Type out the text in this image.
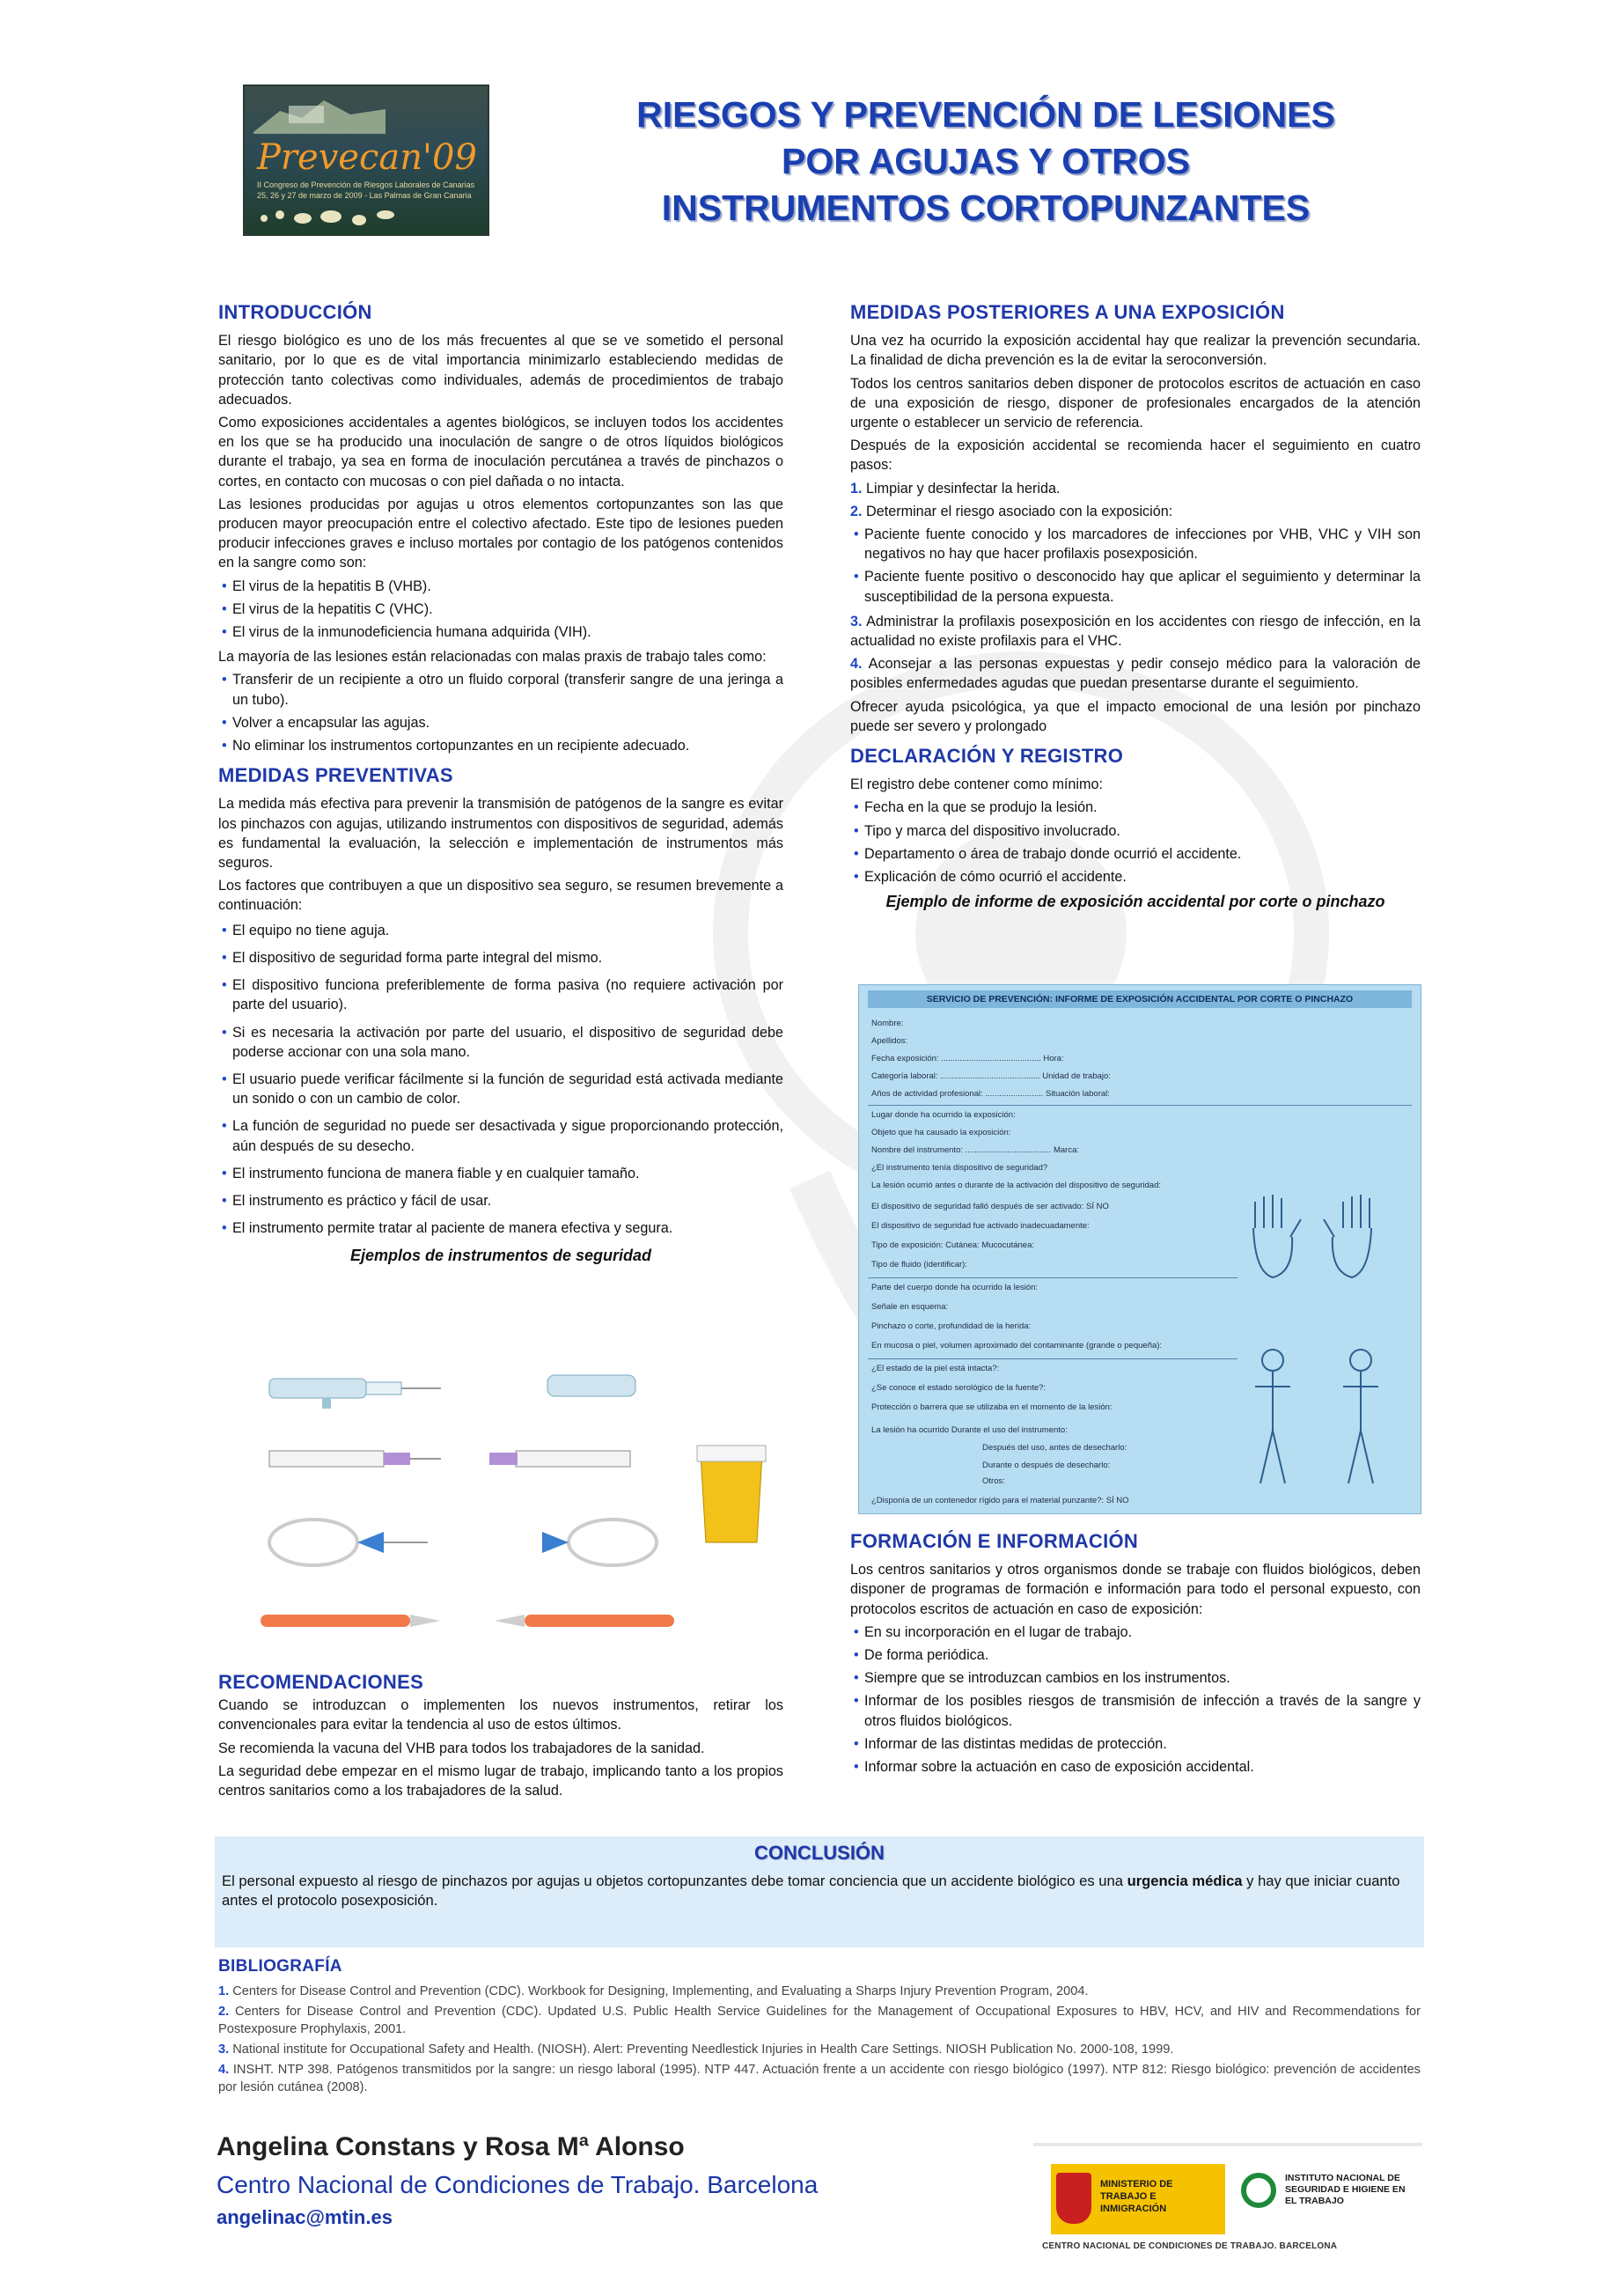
Prevecan'09
II Congreso de Prevención de Riesgos Laborales de Canarias
25, 26 y 27 de marzo de 2009 - Las Palmas de Gran Canaria
RIESGOS Y PREVENCIÓN DE LESIONES
POR AGUJAS Y OTROS
INSTRUMENTOS CORTOPUNZANTES
INTRODUCCIÓN

El riesgo biológico es uno de los más frecuentes al que se ve sometido el personal sanitario, por lo que es de vital importancia minimizarlo estableciendo medidas de protección tanto colectivas como individuales, además de procedimientos de trabajo adecuados.

Como exposiciones accidentales a agentes biológicos, se incluyen todos los accidentes en los que se ha producido una inoculación de sangre o de otros líquidos biológicos durante el trabajo, ya sea en forma de inoculación percutánea a través de pinchazos o cortes, en contacto con mucosas o con piel dañada o no intacta.

Las lesiones producidas por agujas u otros elementos cortopunzantes son las que producen mayor preocupación entre el colectivo afectado. Este tipo de lesiones pueden producir infecciones graves e incluso mortales por contagio de los patógenos contenidos en la sangre como son:

• El virus de la hepatitis B (VHB).
• El virus de la hepatitis C (VHC).
• El virus de la inmunodeficiencia humana adquirida (VIH).

La mayoría de las lesiones están relacionadas con malas praxis de trabajo tales como:

• Transferir de un recipiente a otro un fluido corporal (transferir sangre de una jeringa a un tubo).
• Volver a encapsular las agujas.
• No eliminar los instrumentos cortopunzantes en un recipiente adecuado.
MEDIDAS PREVENTIVAS

La medida más efectiva para prevenir la transmisión de patógenos de la sangre es evitar los pinchazos con agujas, utilizando instrumentos con dispositivos de seguridad, además es fundamental la evaluación, la selección e implementación de instrumentos más seguros.

Los factores que contribuyen a que un dispositivo sea seguro, se resumen brevemente a continuación:

• El equipo no tiene aguja.
• El dispositivo de seguridad forma parte integral del mismo.
• El dispositivo funciona preferiblemente de forma pasiva (no requiere activación por parte del usuario).
• Si es necesaria la activación por parte del usuario, el dispositivo de seguridad debe poderse accionar con una sola mano.
• El usuario puede verificar fácilmente si la función de seguridad está activada mediante un sonido o con un cambio de color.
• La función de seguridad no puede ser desactivada y sigue proporcionando protección, aún después de su desecho.
• El instrumento funciona de manera fiable y en cualquier tamaño.
• El instrumento es práctico y fácil de usar.
• El instrumento permite tratar al paciente de manera efectiva y segura.
Ejemplos de instrumentos de seguridad
RECOMENDACIONES

Cuando se introduzcan o implementen los nuevos instrumentos, retirar los convencionales para evitar la tendencia al uso de estos últimos.

Se recomienda la vacuna del VHB para todos los trabajadores de la sanidad.

La seguridad debe empezar en el mismo lugar de trabajo, implicando tanto a los propios centros sanitarios como a los trabajadores de la salud.

MEDIDAS POSTERIORES A UNA EXPOSICIÓN

Una vez ha ocurrido la exposición accidental hay que realizar la prevención secundaria. La finalidad de dicha prevención es la de evitar la seroconversión.

Todos los centros sanitarios deben disponer de protocolos escritos de actuación en caso de una exposición de riesgo, disponer de profesionales encargados de la atención urgente o establecer un servicio de referencia.

Después de la exposición accidental se recomienda hacer el seguimiento en cuatro pasos:

1. Limpiar y desinfectar la herida.

2. Determinar el riesgo asociado con la exposición:

• Paciente fuente conocido y los marcadores de infecciones por VHB, VHC y VIH son negativos no hay que hacer profilaxis posexposición.
• Paciente fuente positivo o desconocido hay que aplicar el seguimiento y determinar la susceptibilidad de la persona expuesta.

3. Administrar la profilaxis posexposición en los accidentes con riesgo de infección, en la actualidad no existe profilaxis para el VHC.

4. Aconsejar a las personas expuestas y pedir consejo médico para la valoración de posibles enfermedades agudas que puedan presentarse durante el seguimiento.

Ofrecer ayuda psicológica, ya que el impacto emocional de una lesión por pinchazo puede ser severo y prolongado

DECLARACIÓN Y REGISTRO

El registro debe contener como mínimo:

• Fecha en la que se produjo la lesión.
• Tipo y marca del dispositivo involucrado.
• Departamento o área de trabajo donde ocurrió el accidente.
• Explicación de cómo ocurrió el accidente.
Ejemplo de informe de exposición accidental por corte o pinchazo
SERVICIO DE PREVENCIÓN: INFORME DE EXPOSICIÓN ACCIDENTAL POR CORTE O PINCHAZO
Nombre:
Apellidos:
Fecha exposición: ........................................... Hora:
Categoría laboral: ........................................... Unidad de trabajo:
Años de actividad profesional: ......................... Situación laboral:
Lugar donde ha ocurrido la exposición:
Objeto que ha causado la exposición:
Nombre del instrumento: ..................................... Marca:
¿El instrumento tenía dispositivo de seguridad?
La lesión ocurrió antes o durante de la activación del dispositivo de seguridad:
El dispositivo de seguridad falló después de ser activado: SÍ NO
El dispositivo de seguridad fue activado inadecuadamente:
Tipo de exposición: Cutánea: Mucocutánea:
Tipo de fluido (identificar):
Parte del cuerpo donde ha ocurrido la lesión:
Señale en esquema:
Pinchazo o corte, profundidad de la herida:
En mucosa o piel, volumen aproximado del contaminante (grande o pequeña):
¿El estado de la piel está intacta?:
¿Se conoce el estado serológico de la fuente?:
Protección o barrera que se utilizaba en el momento de la lesión:
La lesión ha ocurrido Durante el uso del instrumento:
Después del uso, antes de desecharlo:
Durante o después de desecharlo:
Otros:
¿Disponía de un contenedor rígido para el material punzante?: SÍ NO
FORMACIÓN E INFORMACIÓN

Los centros sanitarios y otros organismos donde se trabaje con fluidos biológicos, deben disponer de programas de formación e información para todo el personal expuesto, con protocolos escritos de actuación en caso de exposición:

• En su incorporación en el lugar de trabajo.
• De forma periódica.
• Siempre que se introduzcan cambios en los instrumentos.
• Informar de los posibles riesgos de transmisión de infección a través de la sangre y otros fluidos biológicos.
• Informar de las distintas medidas de protección.
• Informar sobre la actuación en caso de exposición accidental.
CONCLUSIÓN

El personal expuesto al riesgo de pinchazos por agujas u objetos cortopunzantes debe tomar conciencia que un accidente biológico es una urgencia médica y hay que iniciar cuanto antes el protocolo posexposición.

BIBLIOGRAFÍA

1. Centers for Disease Control and Prevention (CDC). Workbook for Designing, Implementing, and Evaluating a Sharps Injury Prevention Program, 2004.

2. Centers for Disease Control and Prevention (CDC). Updated U.S. Public Health Service Guidelines for the Management of Occupational Exposures to HBV, HCV, and HIV and Recommendations for Postexposure Prophylaxis, 2001.

3. National institute for Occupational Safety and Health. (NIOSH). Alert: Preventing Needlestick Injuries in Health Care Settings. NIOSH Publication No. 2000-108, 1999.

4. INSHT. NTP 398. Patógenos transmitidos por la sangre: un riesgo laboral (1995). NTP 447. Actuación frente a un accidente con riesgo biológico (1997). NTP 812: Riesgo biológico: prevención de accidentes por lesión cutánea (2008).

Angelina Constans y Rosa Mª Alonso
Centro Nacional de Condiciones de Trabajo. Barcelona
angelinac@mtin.es
MINISTERIO DE TRABAJO E INMIGRACIÓN
INSTITUTO NACIONAL DE SEGURIDAD E HIGIENE EN EL TRABAJO
CENTRO NACIONAL DE CONDICIONES DE TRABAJO. BARCELONA
